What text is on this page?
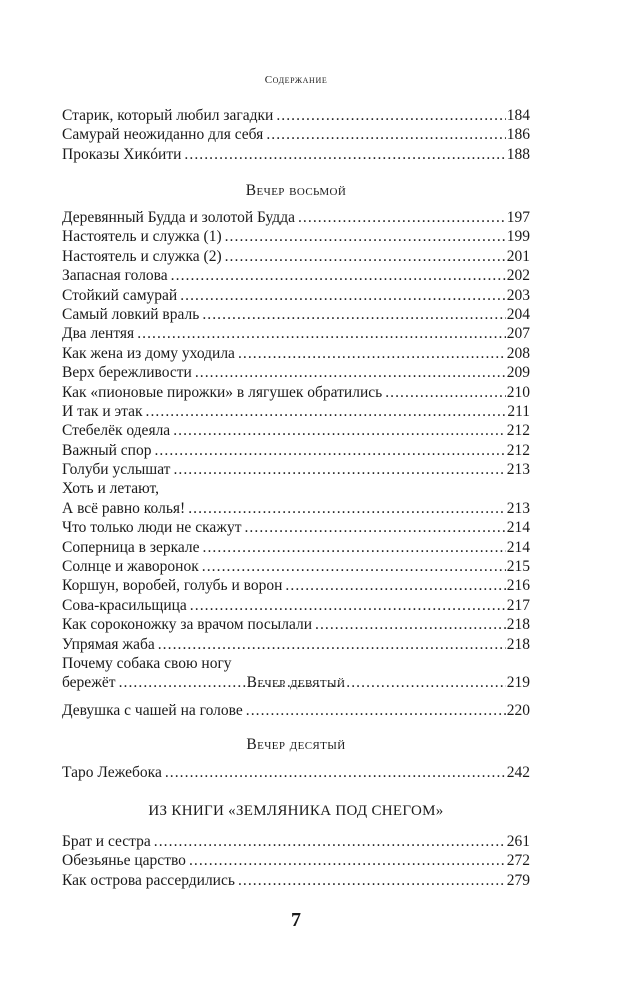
Содержание
Старик, который любил загадки . . .	184
Самурай неожиданно для себя . . .	186
Проказы Хикóити . . .	188
Вечер восьмой
Деревянный Будда и золотой Будда . . .	197
Настоятель и служка (1) . . .	199
Настоятель и служка (2) . . .	201
Запасная голова . . .	202
Стойкий самурай . . .	203
Самый ловкий враль . . .	204
Два лентяя . . .	207
Как жена из дому уходила . . .	208
Верх бережливости . . .	209
Как «пионовые пирожки» в лягушек обратились . . .	210
И так и этак . . .	211
Стебелёк одеяла . . .	212
Важный спор . . .	212
Голуби услышат . . .	213
Хоть и летают,
А всё равно колья! . . .	213
Что только люди не скажут . . .	214
Соперница в зеркале . . .	214
Солнце и жаворонок . . .	215
Коршун, воробей, голубь и ворон . . .	216
Сова-красильщица . . .	217
Как сороконожку за врачом посылали . . .	218
Упрямая жаба . . .	218
Почему собака свою ногу
бережёт . . .	219
Вечер девятый
Девушка с чашей на голове . . .	220
Вечер десятый
Таро Лежебока . . .	242
ИЗ КНИГИ «ЗЕМЛЯНИКА ПОД СНЕГОМ»
Брат и сестра . . .	261
Обезьянье царство . . .	272
Как острова рассердились . . .	279
7
